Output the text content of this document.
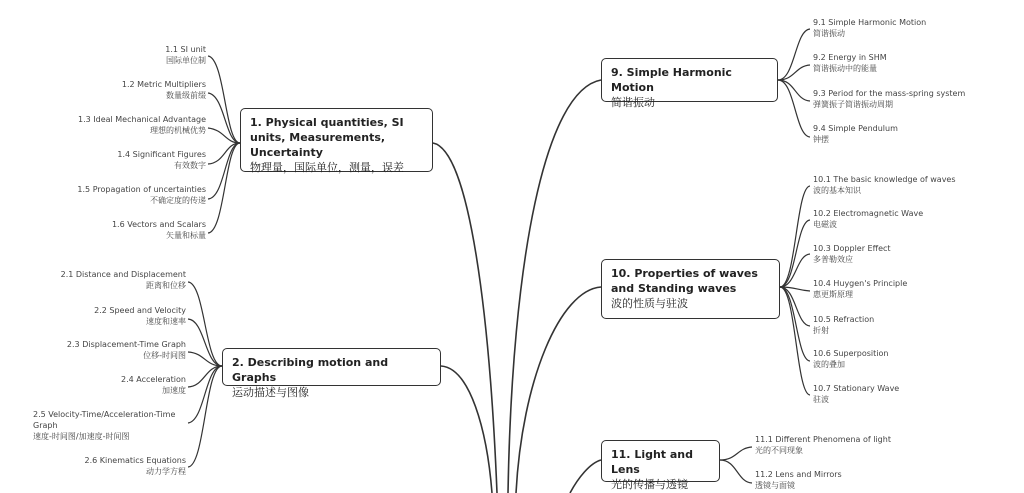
1. Physical quantities, SI units, Measurements, Uncertainty
物理量，国际单位，测量，误差
1.1 SI unit
国际单位制
1.2 Metric Multipliers
数量级前缀
1.3 Ideal Mechanical Advantage
理想的机械优势
1.4 Significant Figures
有效数字
1.5 Propagation of uncertainties
不确定度的传递
1.6 Vectors and Scalars
矢量和标量
2. Describing motion and Graphs
运动描述与图像
2.1 Distance and Displacement
距离和位移
2.2 Speed and Velocity
速度和速率
2.3 Displacement-Time Graph
位移-时间图
2.4 Acceleration
加速度
2.5 Velocity-Time/Acceleration-Time Graph
速度-时间图/加速度-时间图
2.6 Kinematics Equations
动力学方程
9. Simple Harmonic Motion
简谐振动
9.1 Simple Harmonic Motion
简谐振动
9.2 Energy in SHM
简谐振动中的能量
9.3 Period for the mass-spring system
弹簧振子简谐振动周期
9.4 Simple Pendulum
钟摆
10. Properties of waves and Standing waves
波的性质与驻波
10.1 The basic knowledge of waves
波的基本知识
10.2 Electromagnetic Wave
电磁波
10.3 Doppler Effect
多普勒效应
10.4 Huygen's Principle
惠更斯原理
10.5 Refraction
折射
10.6 Superposition
波的叠加
10.7 Stationary Wave
驻波
11. Light and Lens
光的传播与透镜
11.1 Different Phenomena of light
光的不同现象
11.2 Lens and Mirrors
透镜与面镜
